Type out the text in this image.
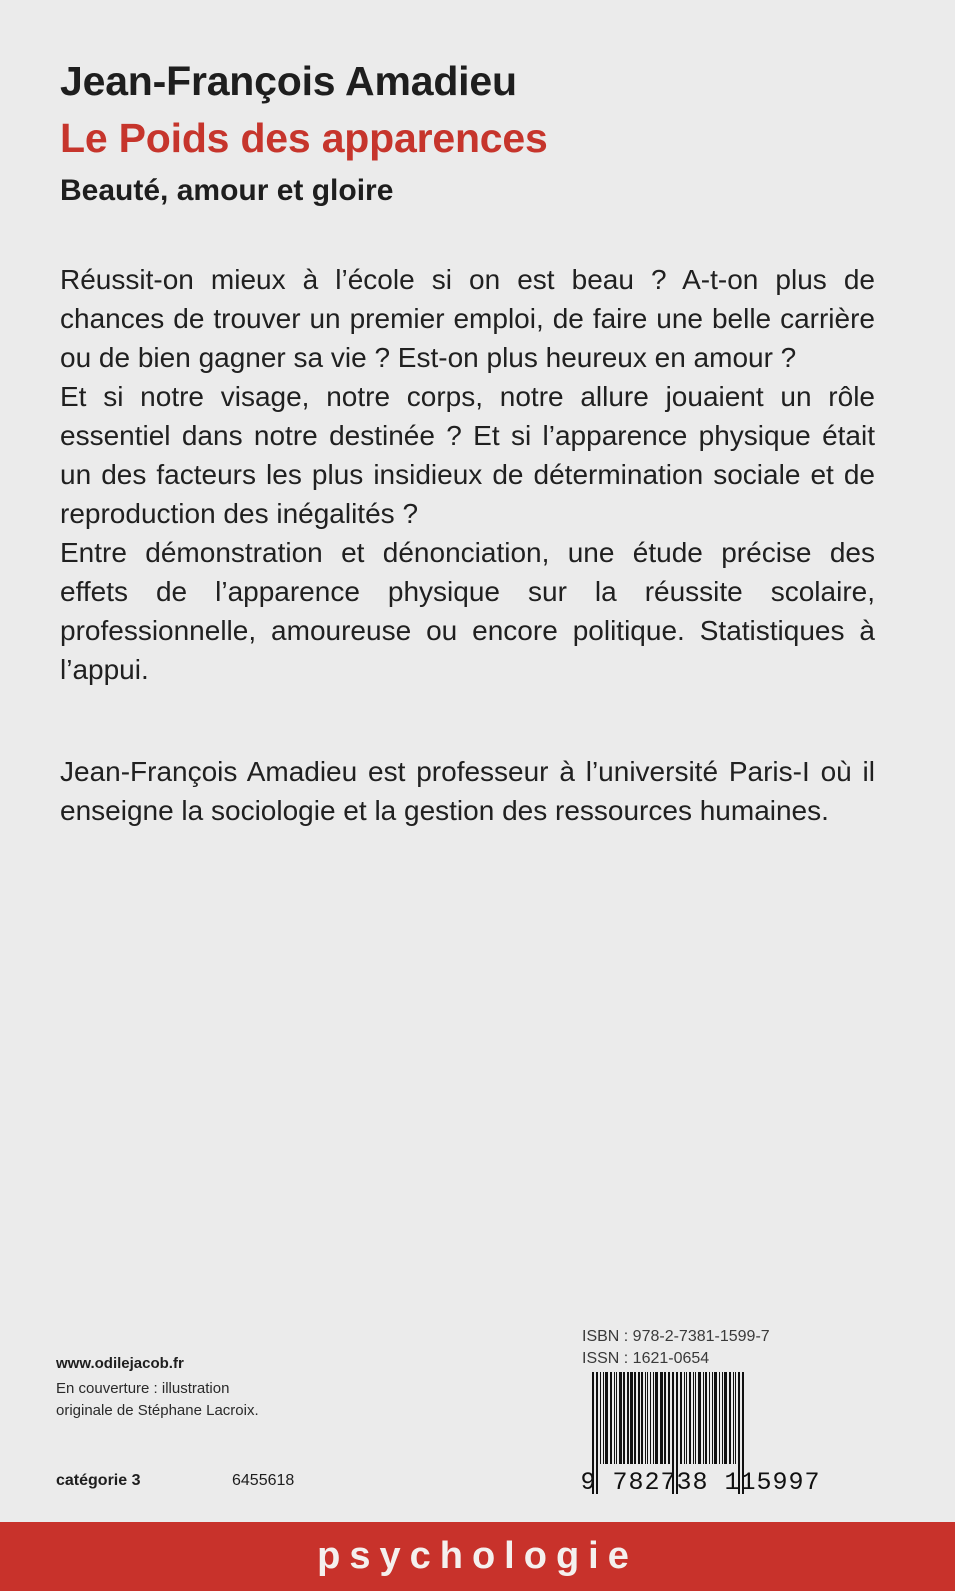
Jean-François Amadieu
Le Poids des apparences
Beauté, amour et gloire

Réussit-on mieux à l’école si on est beau ? A-t-on plus de chances de trouver un premier emploi, de faire une belle carrière ou de bien gagner sa vie ? Est-on plus heureux en amour ?

Et si notre visage, notre corps, notre allure jouaient un rôle essentiel dans notre destinée ? Et si l’apparence physique était un des facteurs les plus insidieux de détermination sociale et de reproduction des inégalités ?

Entre démonstration et dénonciation, une étude précise des effets de l’apparence physique sur la réussite scolaire, professionnelle, amoureuse ou encore politique. Statistiques à l’appui.

Jean-François Amadieu est professeur à l’université Paris-I où il enseigne la sociologie et la gestion des ressources humaines.

www.odilejacob.fr
En couverture : illustration
originale de Stéphane Lacroix.
catégorie 3	6455618
ISBN : 978-2-7381-1599-7
ISSN : 1621-0654
9 782738 115997
psychologie
